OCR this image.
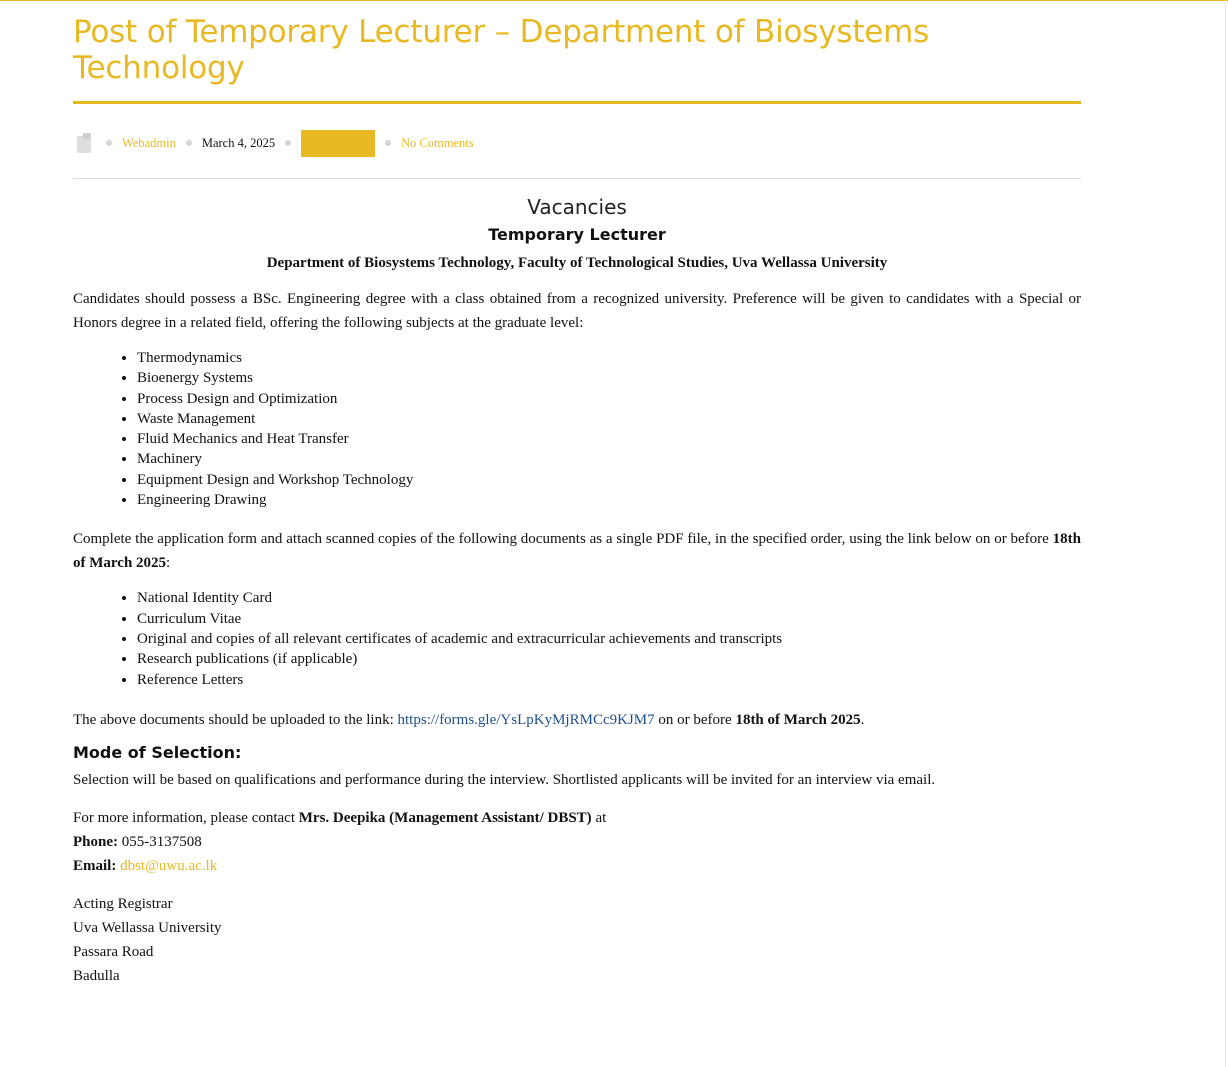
Post of Temporary Lecturer – Department of Biosystems Technology
Webadmin March 4, 2025	VACANCIES	No Comments
Vacancies
Temporary Lecturer
Department of Biosystems Technology, Faculty of Technological Studies, Uva Wellassa University

Candidates should possess a BSc. Engineering degree with a class obtained from a recognized university. Preference will be given to candidates with a Special or Honors degree in a related field, offering the following subjects at the graduate level:

• Thermodynamics
• Bioenergy Systems
• Process Design and Optimization
• Waste Management
• Fluid Mechanics and Heat Transfer
• Machinery
• Equipment Design and Workshop Technology
• Engineering Drawing

Complete the application form and attach scanned copies of the following documents as a single PDF file, in the specified order, using the link below on or before 18th of March 2025:

• National Identity Card
• Curriculum Vitae
• Original and copies of all relevant certificates of academic and extracurricular achievements and transcripts
• Research publications (if applicable)
• Reference Letters

The above documents should be uploaded to the link: https://forms.gle/YsLpKyMjRMCc9KJM7 on or before 18th of March 2025.

Mode of Selection:

Selection will be based on qualifications and performance during the interview. Shortlisted applicants will be invited for an interview via email.

For more information, please contact Mrs. Deepika (Management Assistant/ DBST) at
Phone: 055-3137508
Email: dbst@uwu.ac.lk

Acting Registrar
Uva Wellassa University
Passara Road
Badulla
